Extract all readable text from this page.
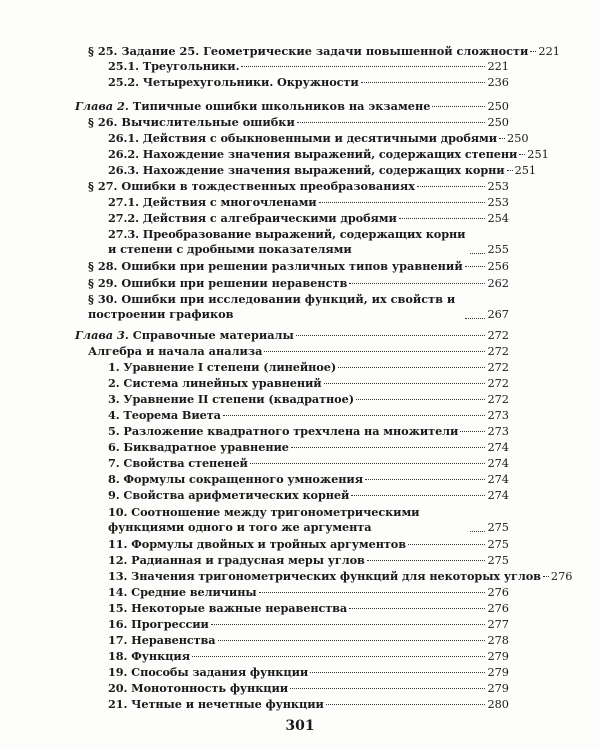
§ 25. Задание 25. Геометрические задачи повышенной сложности 221
25.1. Треугольники.	221
25.2. Четырехугольники. Окружности	236
Глава 2. Типичные ошибки школьников на экзамене	250
§ 26. Вычислительные ошибки	250
26.1. Действия с обыкновенными и десятичными дробями 250
26.2. Нахождение значения выражений, содержащих степени 251
26.3. Нахождение значения выражений, содержащих корни 251
§ 27. Ошибки в тождественных преобразованиях	253
27.1. Действия с многочленами	253
27.2. Действия с алгебраическими дробями	254
27.3. Преобразование выражений, содержащих корни и степени с дробными показателями	255
§ 28. Ошибки при решении различных типов уравнений 256
§ 29. Ошибки при решении неравенств	262
§ 30. Ошибки при исследовании функций, их свойств и построении графиков	267
Глава 3. Справочные материалы	272
Алгебра и начала анализа	272
1. Уравнение I степени (линейное)	272
2. Система линейных уравнений	272
3. Уравнение II степени (квадратное)	272
4. Теорема Виета	273
5. Разложение квадратного трехчлена на множители	273
6. Биквадратное уравнение	274
7. Свойства степеней	274
8. Формулы сокращенного умножения	274
9. Свойства арифметических корней	274
10. Соотношение между тригонометрическими функциями одного и того же аргумента	275
11. Формулы двойных и тройных аргументов	275
12. Радианная и градусная меры углов	275
13. Значения тригонометрических функций для некоторых углов 276
14. Средние величины	276
15. Некоторые важные неравенства	276
16. Прогрессии	277
17. Неравенства	278
18. Функция	279
19. Способы задания функции	279
20. Монотонность функции	279
21. Четные и нечетные функции	280
301
